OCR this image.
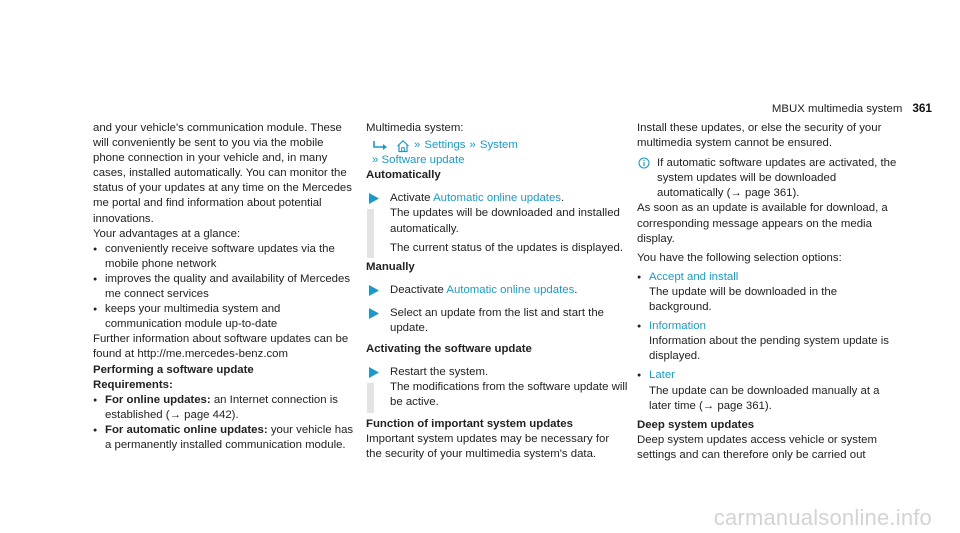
MBUX multimedia system 361

and your vehicle's communication module. These will conveniently be sent to you via the mobile phone connection in your vehicle and, in many cases, installed automatically. You can monitor the status of your updates at any time on the Mercedes me portal and find information about potential innovations.

Your advantages at a glance:

● conveniently receive software updates via the mobile phone network
● improves the quality and availability of Mercedes me connect services
● keeps your multimedia system and communication module up-to-date

Further information about software updates can be found at http://me.mercedes-benz.com

Performing a software update

Requirements:

● For online updates: an Internet connection is established (→ page 442).
● For automatic online updates: your vehicle has a permanently installed communication module.

Multimedia system:

» Settings » System
» Software update

Automatically

Activate Automatic online updates.

The updates will be downloaded and installed automatically.

The current status of the updates is displayed.

Manually

Deactivate Automatic online updates.
Select an update from the list and start the update.

Activating the software update

Restart the system.

The modifications from the software update will be active.

Function of important system updates

Important system updates may be necessary for the security of your multimedia system's data.

Install these updates, or else the security of your multimedia system cannot be ensured.

If automatic software updates are activated, the system updates will be downloaded automatically (→ page 361).

As soon as an update is available for download, a corresponding message appears on the media display.

You have the following selection options:

● Accept and install

The update will be downloaded in the background.

● Information

Information about the pending system update is displayed.

● Later

The update can be downloaded manually at a later time (→ page 361).

Deep system updates

Deep system updates access vehicle or system settings and can therefore only be carried out

carmanualsonline.info
